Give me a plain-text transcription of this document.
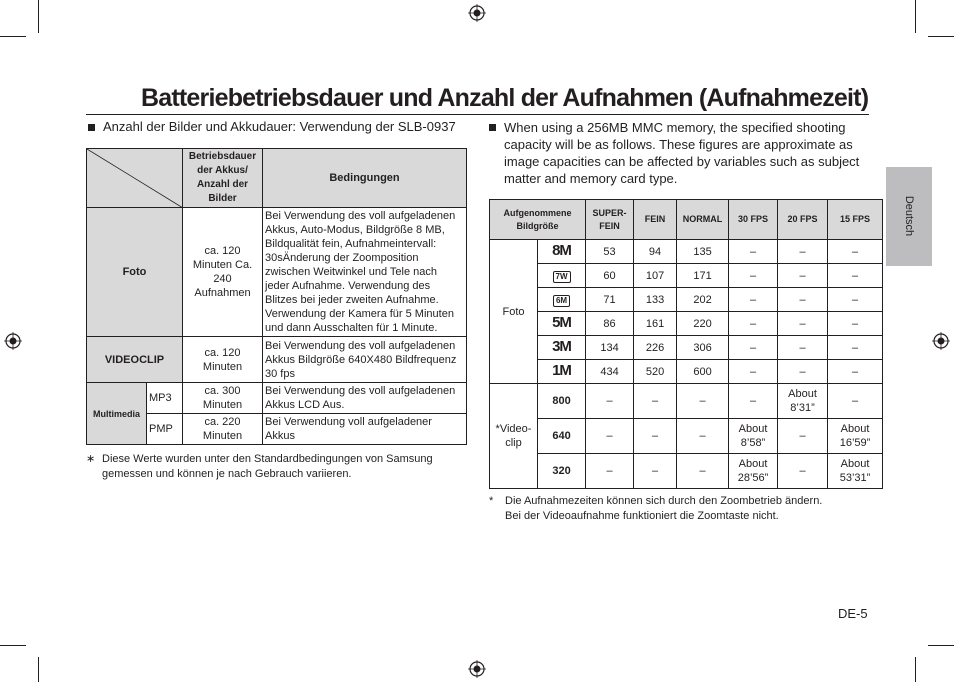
Batteriebetriebsdauer und Anzahl der Aufnahmen (Aufnahmezeit)
Anzahl der Bilder und Akkudauer: Verwendung der SLB-0937
	Betriebsdauer der Akkus/ Anzahl der Bilder	Bedingungen
Foto		ca. 120 Minuten Ca. 240 Aufnahmen	Bei Verwendung des voll aufgeladenen Akkus, Auto-Modus, Bildgröße 8 MB, Bildqualität fein, Aufnahmeintervall: 30sÄnderung der Zoomposition zwischen Weitwinkel und Tele nach jeder Aufnahme. Verwendung des Blitzes bei jeder zweiten Aufnahme. Verwendung der Kamera für 5 Minuten und dann Ausschalten für 1 Minute.
VIDEOCLIP		ca. 120 Minuten	Bei Verwendung des voll aufgeladenen Akkus Bildgröße 640X480 Bildfrequenz 30 fps
Multimedia	MP3	ca. 300 Minuten	Bei Verwendung des voll aufgeladenen Akkus LCD Aus.
	PMP	ca. 220 Minuten	Bei Verwendung voll aufgeladener Akkus
∗ Diese Werte wurden unter den Standardbedingungen von Samsung gemessen und können je nach Gebrauch variieren.
When using a 256MB MMC memory, the specified shooting capacity will be as follows. These figures are approximate as image capacities can be affected by variables such as subject matter and memory card type.
Aufgenommene Bildgröße		SUPER-FEIN	FEIN	NORMAL	30 FPS	20 FPS	15 FPS
Foto	8M	53	94	135	–	–	–
	7W	60	107	171	–	–	–
	6M	71	133	202	–	–	–
	5M	86	161	220	–	–	–
	3M	134	226	306	–	–	–
	1M	434	520	600	–	–	–
*Video-clip	800	–	–	–	–	About 8’31”	–
	640	–	–	–	About 8’58”	–	About 16’59”
	320	–	–	–	About 28’56”	–	About 53’31”
* Die Aufnahmezeiten können sich durch den Zoombetrieb ändern.
Bei der Videoaufnahme funktioniert die Zoomtaste nicht.
Deutsch
DE-5
